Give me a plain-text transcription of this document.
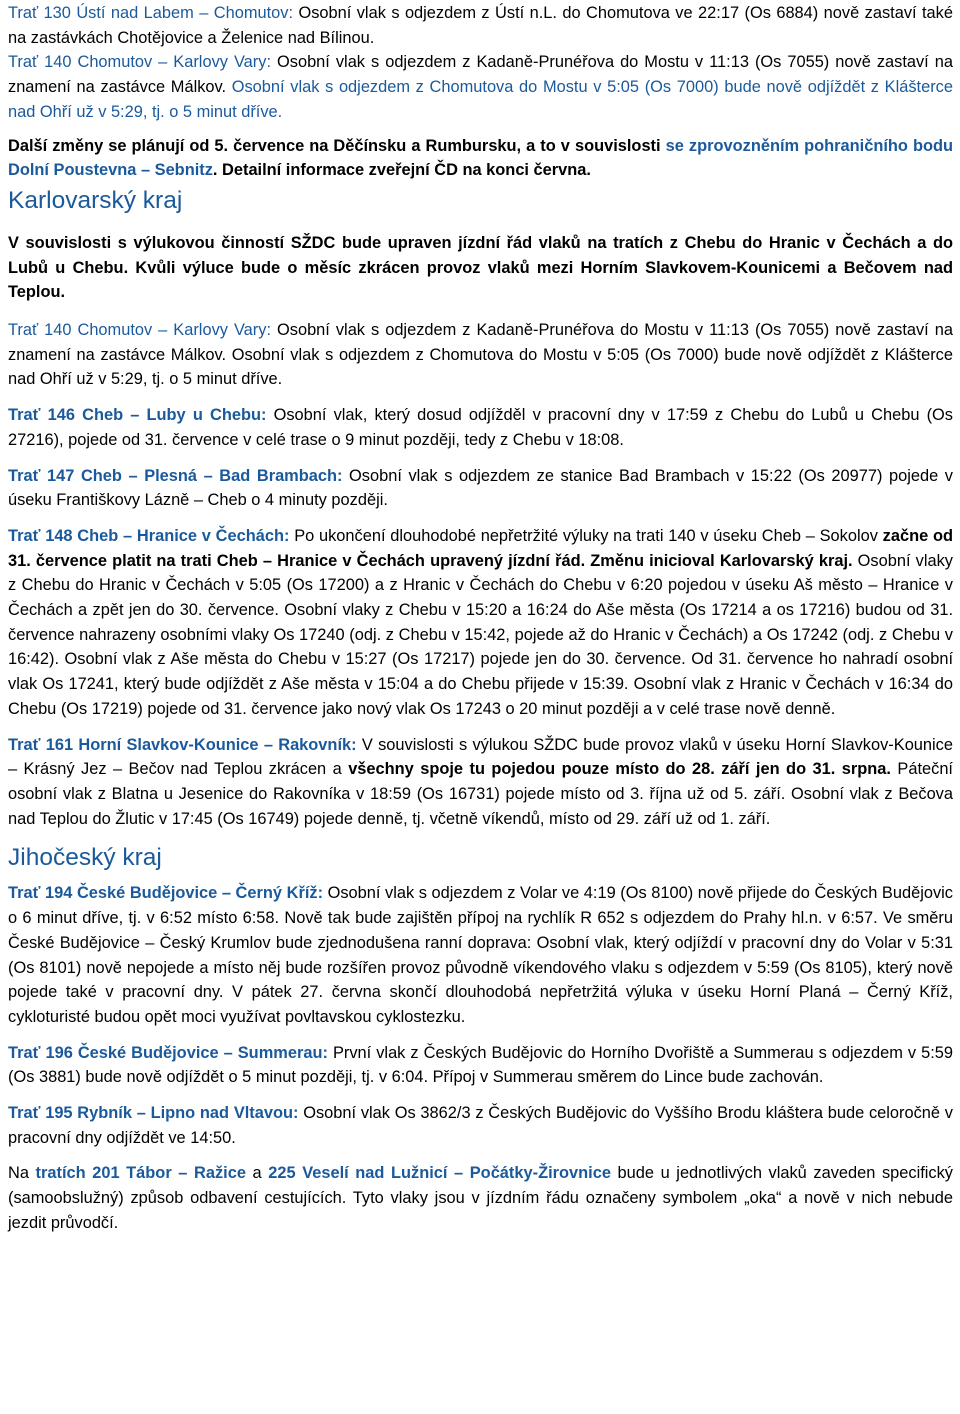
Trať 130 Ústí nad Labem – Chomutov: Osobní vlak s odjezdem z Ústí n.L. do Chomutova ve 22:17 (Os 6884) nově zastaví také na zastávkách Chotějovice a Želenice nad Bílinou.

Trať 140 Chomutov – Karlovy Vary: Osobní vlak s odjezdem z Kadaně-Prunéřova do Mostu v 11:13 (Os 7055) nově zastaví na znamení na zastávce Málkov. Osobní vlak s odjezdem z Chomutova do Mostu v 5:05 (Os 7000) bude nově odjíždět z Klášterce nad Ohří už v 5:29, tj. o 5 minut dříve.

Další změny se plánují od 5. července na Děčínsku a Rumbursku, a to v souvislosti se zprovozněním pohraničního bodu Dolní Poustevna – Sebnitz. Detailní informace zveřejní ČD na konci června.

Karlovarský kraj

V souvislosti s výlukovou činností SŽDC bude upraven jízdní řád vlaků na tratích z Chebu do Hranic v Čechách a do Lubů u Chebu. Kvůli výluce bude o měsíc zkrácen provoz vlaků mezi Horním Slavkovem-Kounicemi a Bečovem nad Teplou.

Trať 140 Chomutov – Karlovy Vary: Osobní vlak s odjezdem z Kadaně-Prunéřova do Mostu v 11:13 (Os 7055) nově zastaví na znamení na zastávce Málkov. Osobní vlak s odjezdem z Chomutova do Mostu v 5:05 (Os 7000) bude nově odjíždět z Klášterce nad Ohří už v 5:29, tj. o 5 minut dříve.

Trať 146 Cheb – Luby u Chebu: Osobní vlak, který dosud odjížděl v pracovní dny v 17:59 z Chebu do Lubů u Chebu (Os 27216), pojede od 31. července v celé trase o 9 minut později, tedy z Chebu v 18:08.

Trať 147 Cheb – Plesná – Bad Brambach: Osobní vlak s odjezdem ze stanice Bad Brambach v 15:22 (Os 20977) pojede v úseku Františkovy Lázně – Cheb o 4 minuty později.

Trať 148 Cheb – Hranice v Čechách: Po ukončení dlouhodobé nepřetržité výluky na trati 140 v úseku Cheb – Sokolov začne od 31. července platit na trati Cheb – Hranice v Čechách upravený jízdní řád. Změnu inicioval Karlovarský kraj. Osobní vlaky z Chebu do Hranic v Čechách v 5:05 (Os 17200) a z Hranic v Čechách do Chebu v 6:20 pojedou v úseku Aš město – Hranice v Čechách a zpět jen do 30. července. Osobní vlaky z Chebu v 15:20 a 16:24 do Aše města (Os 17214 a os 17216) budou od 31. července nahrazeny osobními vlaky Os 17240 (odj. z Chebu v 15:42, pojede až do Hranic v Čechách) a Os 17242 (odj. z Chebu v 16:42). Osobní vlak z Aše města do Chebu v 15:27 (Os 17217) pojede jen do 30. července. Od 31. července ho nahradí osobní vlak Os 17241, který bude odjíždět z Aše města v 15:04 a do Chebu přijede v 15:39. Osobní vlak z Hranic v Čechách v 16:34 do Chebu (Os 17219) pojede od 31. července jako nový vlak Os 17243 o 20 minut později a v celé trase nově denně.

Trať 161 Horní Slavkov-Kounice – Rakovník: V souvislosti s výlukou SŽDC bude provoz vlaků v úseku Horní Slavkov-Kounice – Krásný Jez – Bečov nad Teplou zkrácen a všechny spoje tu pojedou pouze místo do 28. září jen do 31. srpna. Páteční osobní vlak z Blatna u Jesenice do Rakovníka v 18:59 (Os 16731) pojede místo od 3. října už od 5. září. Osobní vlak z Bečova nad Teplou do Žlutic v 17:45 (Os 16749) pojede denně, tj. včetně víkendů, místo od 29. září už od 1. září.

Jihočeský kraj

Trať 194 České Budějovice – Černý Kříž: Osobní vlak s odjezdem z Volar ve 4:19 (Os 8100) nově přijede do Českých Budějovic o 6 minut dříve, tj. v 6:52 místo 6:58. Nově tak bude zajištěn přípoj na rychlík R 652 s odjezdem do Prahy hl.n. v 6:57. Ve směru České Budějovice – Český Krumlov bude zjednodušena ranní doprava: Osobní vlak, který odjíždí v pracovní dny do Volar v 5:31 (Os 8101) nově nepojede a místo něj bude rozšířen provoz původně víkendového vlaku s odjezdem v 5:59 (Os 8105), který nově pojede také v pracovní dny. V pátek 27. června skončí dlouhodobá nepřetržitá výluka v úseku Horní Planá – Černý Kříž, cykloturisté budou opět moci využívat povltavskou cyklostezku.

Trať 196 České Budějovice – Summerau: První vlak z Českých Budějovic do Horního Dvořiště a Summerau s odjezdem v 5:59 (Os 3881) bude nově odjíždět o 5 minut později, tj. v 6:04. Přípoj v Summerau směrem do Lince bude zachován.

Trať 195 Rybník – Lipno nad Vltavou: Osobní vlak Os 3862/3 z Českých Budějovic do Vyššího Brodu kláštera bude celoročně v pracovní dny odjíždět ve 14:50.

Na tratích 201 Tábor – Ražice a 225 Veselí nad Lužnicí – Počátky-Žirovnice bude u jednotlivých vlaků zaveden specifický (samoobslužný) způsob odbavení cestujících. Tyto vlaky jsou v jízdním řádu označeny symbolem „oka“ a nově v nich nebude jezdit průvodčí.
